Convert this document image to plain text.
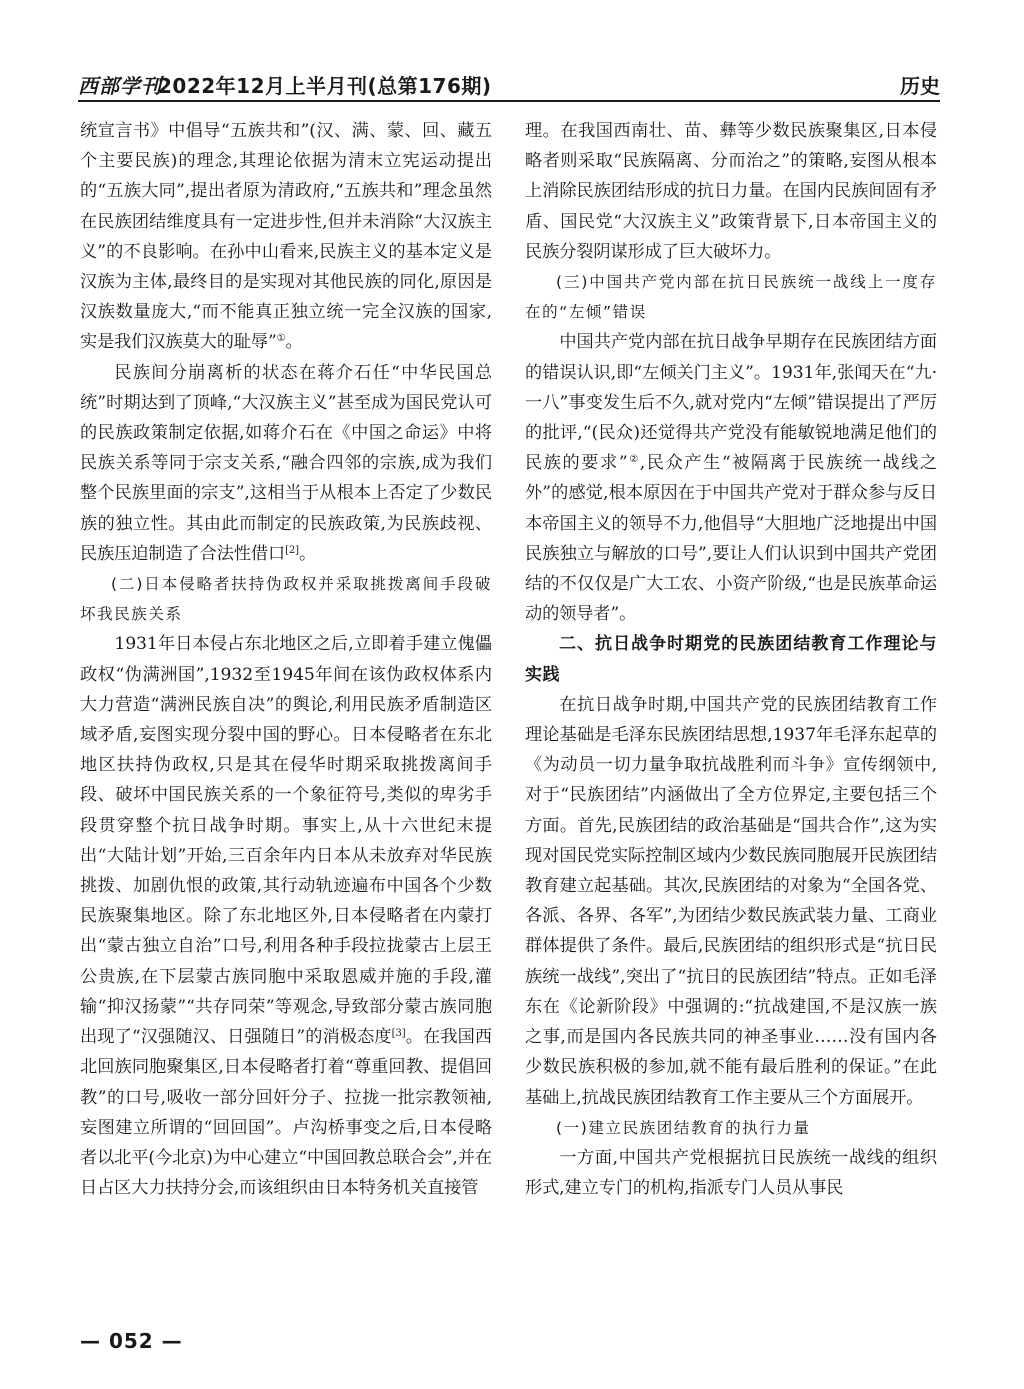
西部学刊
2022年12月上半月刊(总第176期)	历史

统宣言书》中倡导“五族共和”(汉、满、蒙、回、藏五个主要民族)的理念,其理论依据为清末立宪运动提出的“五族大同”,提出者原为清政府,“五族共和”理念虽然在民族团结维度具有一定进步性,但并未消除“大汉族主义”的不良影响。在孙中山看来,民族主义的基本定义是汉族为主体,最终目的是实现对其他民族的同化,原因是汉族数量庞大,“而不能真正独立统一完全汉族的国家,实是我们汉族莫大的耻辱”①。

民族间分崩离析的状态在蒋介石任“中华民国总统”时期达到了顶峰,“大汉族主义”甚至成为国民党认可的民族政策制定依据,如蒋介石在《中国之命运》中将民族关系等同于宗支关系,“融合四邻的宗族,成为我们整个民族里面的宗支”,这相当于从根本上否定了少数民族的独立性。其由此而制定的民族政策,为民族歧视、民族压迫制造了合法性借口[2]。

(二)日本侵略者扶持伪政权并采取挑拨离间手段破坏我民族关系

1931年日本侵占东北地区之后,立即着手建立傀儡政权“伪满洲国”,1932至1945年间在该伪政权体系内大力营造“满洲民族自决”的舆论,利用民族矛盾制造区域矛盾,妄图实现分裂中国的野心。日本侵略者在东北地区扶持伪政权,只是其在侵华时期采取挑拨离间手段、破坏中国民族关系的一个象征符号,类似的卑劣手段贯穿整个抗日战争时期。事实上,从十六世纪末提出“大陆计划”开始,三百余年内日本从未放弃对华民族挑拨、加剧仇恨的政策,其行动轨迹遍布中国各个少数民族聚集地区。除了东北地区外,日本侵略者在内蒙打出“蒙古独立自治”口号,利用各种手段拉拢蒙古上层王公贵族,在下层蒙古族同胞中采取恩威并施的手段,灌输“抑汉扬蒙”“共存同荣”等观念,导致部分蒙古族同胞出现了“汉强随汉、日强随日”的消极态度[3]。在我国西北回族同胞聚集区,日本侵略者打着“尊重回教、提倡回教”的口号,吸收一部分回奸分子、拉拢一批宗教领袖,妄图建立所谓的“回回国”。卢沟桥事变之后,日本侵略者以北平(今北京)为中心建立“中国回教总联合会”,并在日占区大力扶持分会,而该组织由日本特务机关直接管

理。在我国西南壮、苗、彝等少数民族聚集区,日本侵略者则采取“民族隔离、分而治之”的策略,妄图从根本上消除民族团结形成的抗日力量。在国内民族间固有矛盾、国民党“大汉族主义”政策背景下,日本帝国主义的民族分裂阴谋形成了巨大破坏力。

(三)中国共产党内部在抗日民族统一战线上一度存在的“左倾”错误

中国共产党内部在抗日战争早期存在民族团结方面的错误认识,即“左倾关门主义”。1931年,张闻天在“九·一八”事变发生后不久,就对党内“左倾”错误提出了严厉的批评,“(民众)还觉得共产党没有能敏锐地满足他们的民族的要求”②,民众产生“被隔离于民族统一战线之外”的感觉,根本原因在于中国共产党对于群众参与反日本帝国主义的领导不力,他倡导“大胆地广泛地提出中国民族独立与解放的口号”,要让人们认识到中国共产党团结的不仅仅是广大工农、小资产阶级,“也是民族革命运动的领导者”。

二、抗日战争时期党的民族团结教育工作理论与实践

在抗日战争时期,中国共产党的民族团结教育工作理论基础是毛泽东民族团结思想,1937年毛泽东起草的《为动员一切力量争取抗战胜利而斗争》宣传纲领中,对于“民族团结”内涵做出了全方位界定,主要包括三个方面。首先,民族团结的政治基础是“国共合作”,这为实现对国民党实际控制区域内少数民族同胞展开民族团结教育建立起基础。其次,民族团结的对象为“全国各党、各派、各界、各军”,为团结少数民族武装力量、工商业群体提供了条件。最后,民族团结的组织形式是“抗日民族统一战线”,突出了“抗日的民族团结”特点。正如毛泽东在《论新阶段》中强调的:“抗战建国,不是汉族一族之事,而是国内各民族共同的神圣事业……没有国内各少数民族积极的参加,就不能有最后胜利的保证。”在此基础上,抗战民族团结教育工作主要从三个方面展开。

(一)建立民族团结教育的执行力量

一方面,中国共产党根据抗日民族统一战线的组织形式,建立专门的机构,指派专门人员从事民

— 052 —
